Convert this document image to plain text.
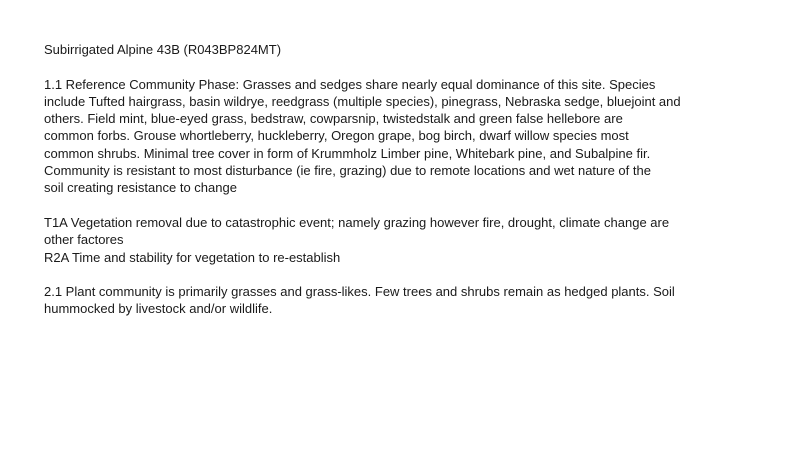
Subirrigated Alpine 43B (R043BP824MT)

1.1 Reference Community Phase: Grasses and sedges share nearly equal dominance of this site. Species
include Tufted hairgrass, basin wildrye, reedgrass (multiple species), pinegrass, Nebraska sedge, bluejoint and
others. Field mint, blue-eyed grass, bedstraw, cowparsnip, twistedstalk and green false hellebore are
common forbs. Grouse whortleberry, huckleberry, Oregon grape, bog birch, dwarf willow species most
common shrubs. Minimal tree cover in form of Krummholz Limber pine, Whitebark pine, and Subalpine fir.
Community is resistant to most disturbance (ie fire, grazing) due to remote locations and wet nature of the
soil creating resistance to change

T1A Vegetation removal due to catastrophic event; namely grazing however fire, drought, climate change are
other factores

R2A Time and stability for vegetation to re-establish

2.1 Plant community is primarily grasses and grass-likes. Few trees and shrubs remain as hedged plants. Soil
hummocked by livestock and/or wildlife.
